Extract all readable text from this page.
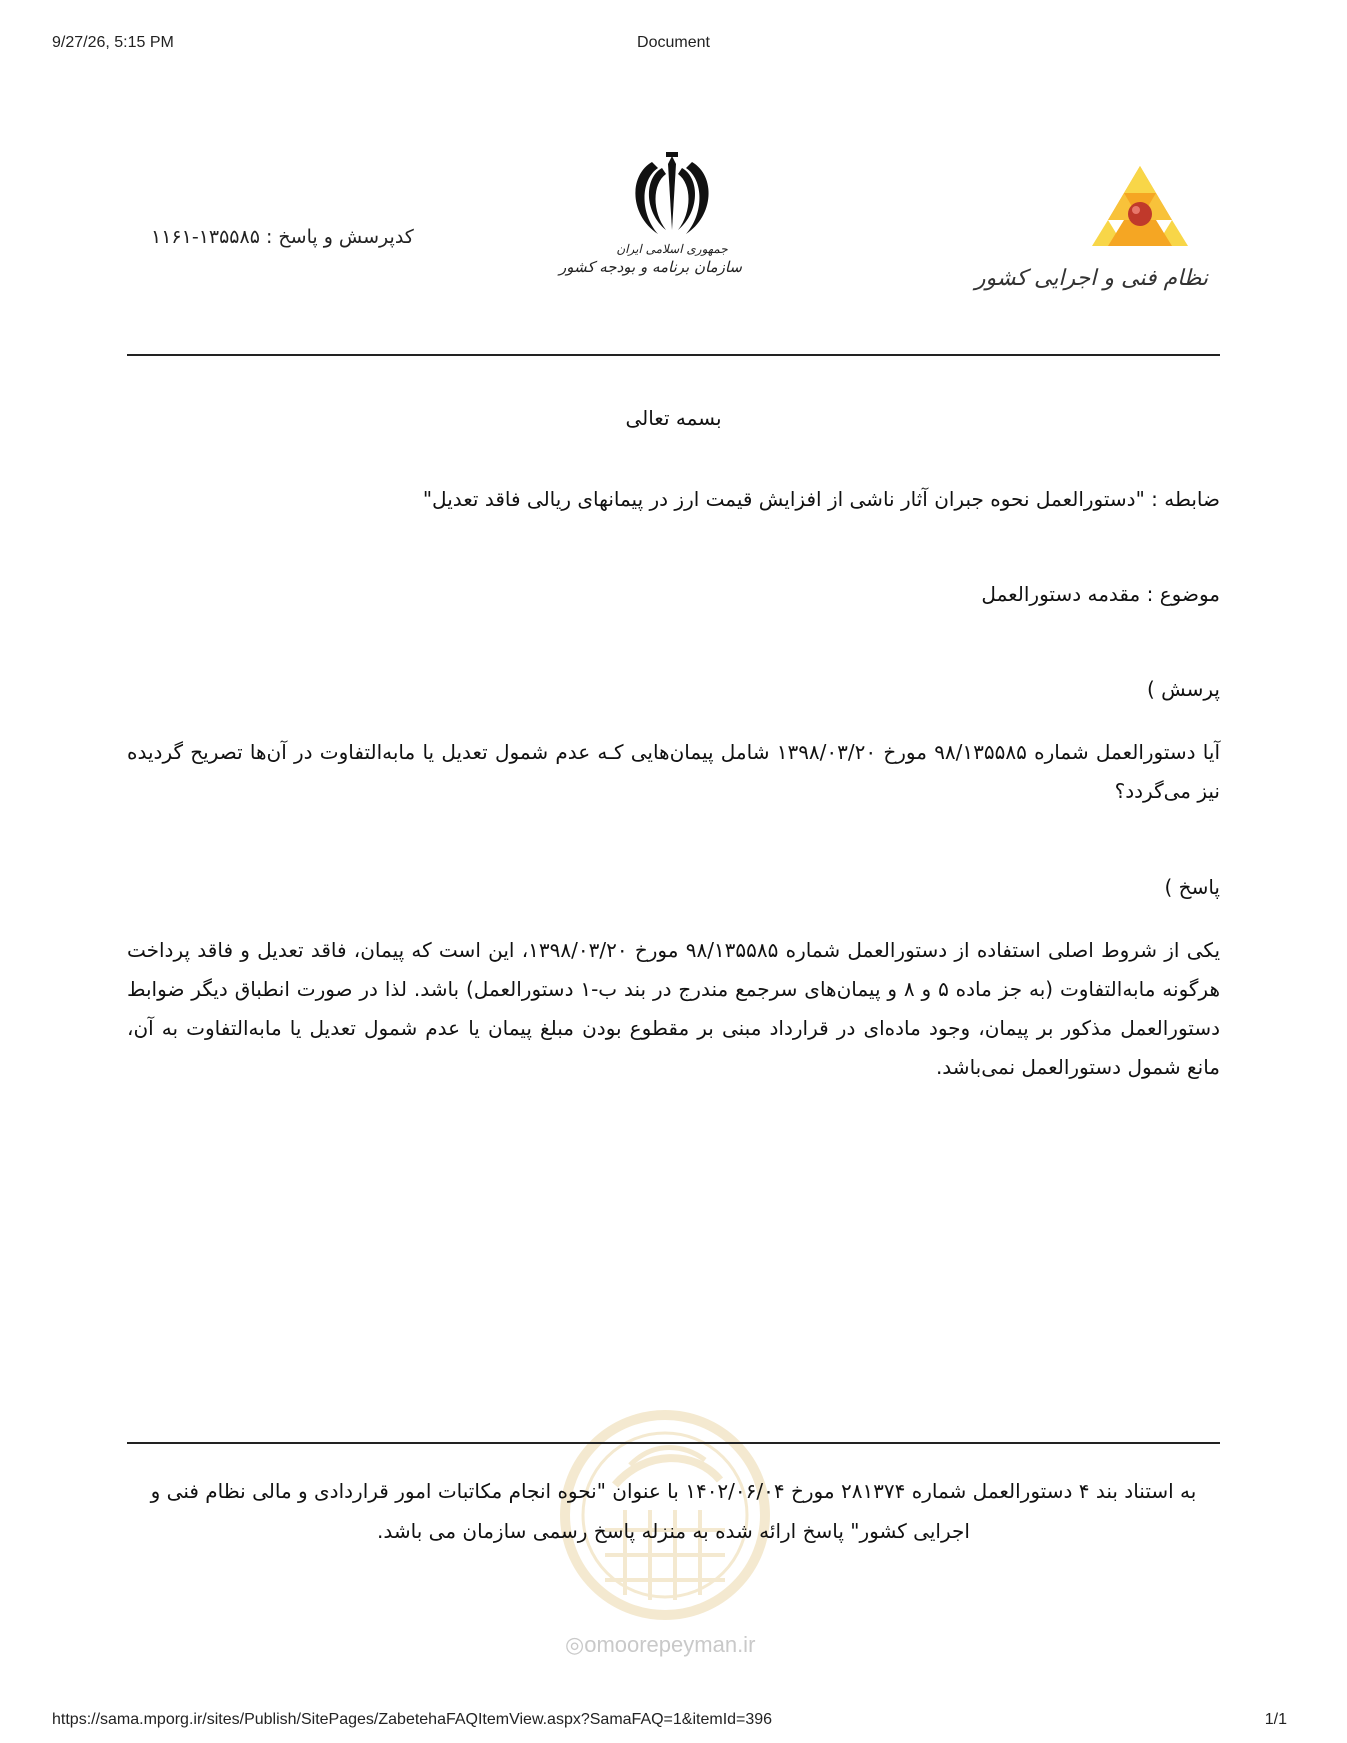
9/27/26, 5:15 PM	Document
نظام فنی و اجرایی کشور
جمهوری اسلامی ایران
سازمان برنامه و بودجه کشور
کدپرسش و پاسخ : ۱۳۵۵۸۵-۱۱۶۱
بسمه تعالی
ضابطه : "دستورالعمل نحوه جبران آثار ناشی از افزایش قیمت ارز در پیمانهای ریالی فاقد تعدیل"
موضوع : مقدمه دستورالعمل
پرسش )
آیا دستورالعمل شماره ۹۸/۱۳۵۵۸۵ مورخ ۱۳۹۸/۰۳/۲۰ شامل پیمان‌هایی کـه عدم شمول تعدیل یا مابه‌التفاوت در آن‌ها تصریح گردیده نیز می‌گردد؟
پاسخ )
یکی از شروط اصلی استفاده از دستورالعمل شماره ۹۸/۱۳۵۵۸۵ مورخ ۱۳۹۸/۰۳/۲۰، این است که پیمان، فاقد تعدیل و فاقد پرداخت هرگونه مابه‌التفاوت (به جز ماده ۵ و ۸ و پیمان‌های سرجمع مندرج در بند ب-۱ دستورالعمل) باشد. لذا در صورت انطباق دیگر ضوابط دستورالعمل مذکور بر پیمان، وجود ماده‌ای در قرارداد مبنی بر مقطوع بودن مبلغ پیمان یا عدم شمول تعدیل یا مابه‌التفاوت به آن، مانع شمول دستورالعمل نمی‌باشد.
◎omoorepeyman.ir
به استناد بند ۴ دستورالعمل شماره ۲۸۱۳۷۴ مورخ ۱۴۰۲/۰۶/۰۴ با عنوان "نحوه انجام مکاتبات امور قراردادی و مالی نظام فنی و اجرایی کشور" پاسخ ارائه شده به منزله پاسخ رسمی سازمان می باشد.
https://sama.mporg.ir/sites/Publish/SitePages/ZabetehaFAQItemView.aspx?SamaFAQ=1&itemId=396	1/1
